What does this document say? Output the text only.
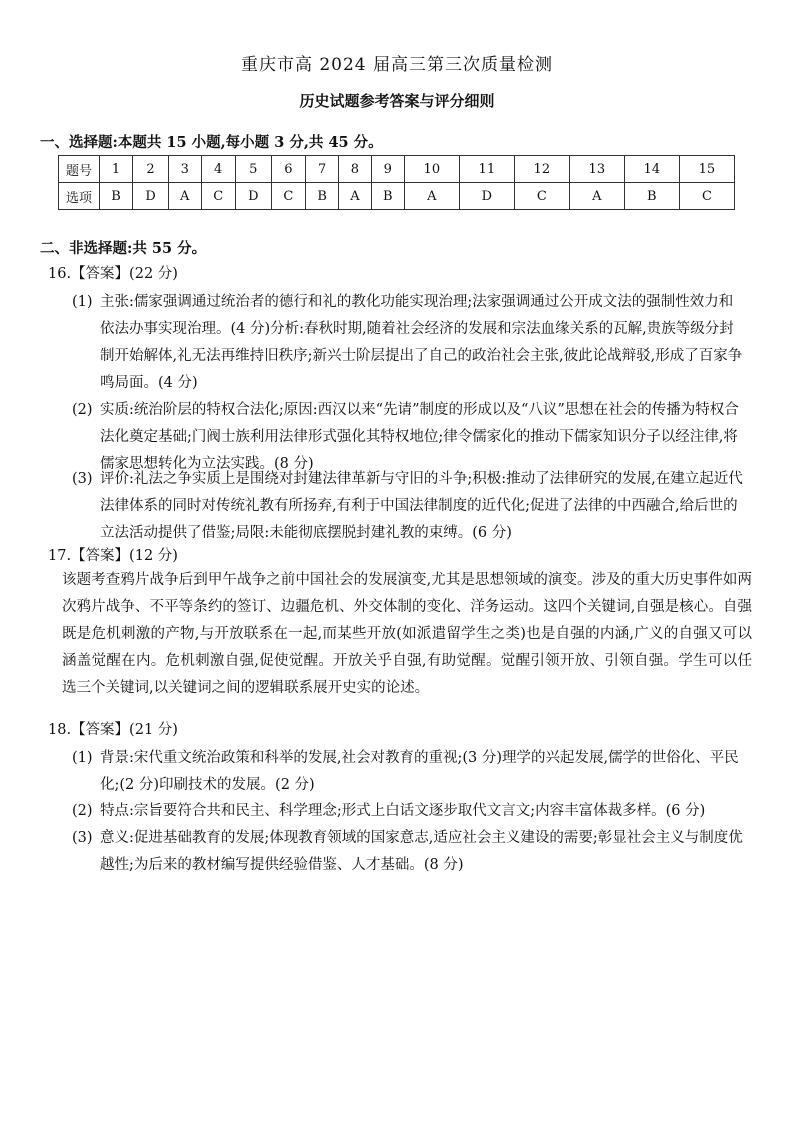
重庆市高 2024 届高三第三次质量检测
历史试题参考答案与评分细则
一、选择题:本题共 15 小题,每小题 3 分,共 45 分。
题号	1	2	3	4	5	6	7	8	9	10	11	12	13	14	15
选项	B	D	A	C	D	C	B	A	B	A	D	C	A	B	C
二、非选择题:共 55 分。
16.【答案】(22 分)
(1) 主张:儒家强调通过统治者的德行和礼的教化功能实现治理;法家强调通过公开成文法的强制性效力和依法办事实现治理。(4 分)分析:春秋时期,随着社会经济的发展和宗法血缘关系的瓦解,贵族等级分封制开始解体,礼无法再维持旧秩序;新兴士阶层提出了自己的政治社会主张,彼此论战辩驳,形成了百家争鸣局面。(4 分)
(2) 实质:统治阶层的特权合法化;原因:西汉以来“先请”制度的形成以及“八议”思想在社会的传播为特权合法化奠定基础;门阀士族利用法律形式强化其特权地位;律令儒家化的推动下儒家知识分子以经注律,将儒家思想转化为立法实践。(8 分)
(3) 评价:礼法之争实质上是围绕对封建法律革新与守旧的斗争;积极:推动了法律研究的发展,在建立起近代法律体系的同时对传统礼教有所扬弃,有利于中国法律制度的近代化;促进了法律的中西融合,给后世的立法活动提供了借鉴;局限:未能彻底摆脱封建礼教的束缚。(6 分)
17.【答案】(12 分)
该题考查鸦片战争后到甲午战争之前中国社会的发展演变,尤其是思想领域的演变。涉及的重大历史事件如两次鸦片战争、不平等条约的签订、边疆危机、外交体制的变化、洋务运动。这四个关键词,自强是核心。自强既是危机刺激的产物,与开放联系在一起,而某些开放(如派遣留学生之类)也是自强的内涵,广义的自强又可以涵盖觉醒在内。危机刺激自强,促使觉醒。开放关乎自强,有助觉醒。觉醒引领开放、引领自强。学生可以任选三个关键词,以关键词之间的逻辑联系展开史实的论述。
18.【答案】(21 分)
(1) 背景:宋代重文统治政策和科举的发展,社会对教育的重视;(3 分)理学的兴起发展,儒学的世俗化、平民化;(2 分)印刷技术的发展。(2 分)
(2) 特点:宗旨要符合共和民主、科学理念;形式上白话文逐步取代文言文;内容丰富体裁多样。(6 分)
(3) 意义:促进基础教育的发展;体现教育领域的国家意志,适应社会主义建设的需要;彰显社会主义与制度优越性;为后来的教材编写提供经验借鉴、人才基础。(8 分)
